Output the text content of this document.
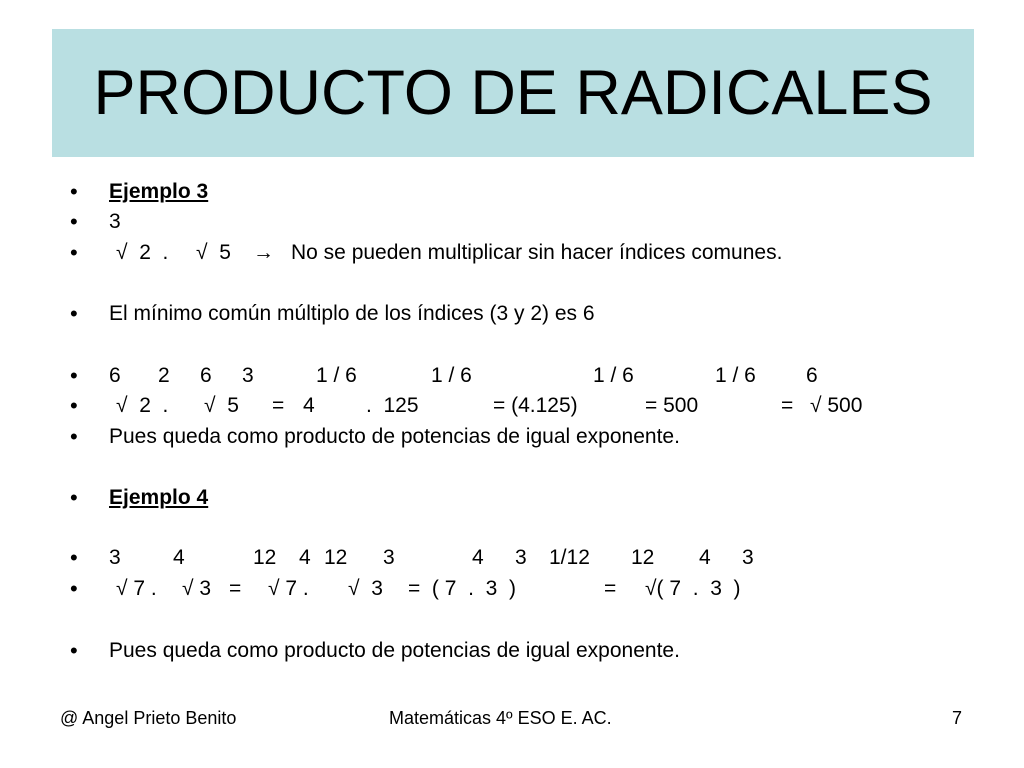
PRODUCTO DE RADICALES
• Ejemplo 3
• 3
• √  2  . √  5 → No se pueden multiplicar sin hacer índices comunes.
• El mínimo común múltiplo de los índices (3 y 2) es 6
• 6 2 6 3	1 / 6	1 / 6	1 / 6	1 / 6 6
• √  2  . √  5 = 4 .  125	= (4.125)	= 500	= √ 500
• Pues queda como producto de potencias de igual exponente.
• Ejemplo 4
• 3 4	12 4 12 3	4 3 1/12 12 4 3
• √ 7 . √ 3 = √ 7 . √  3 =  ( 7  .  3  )	= √( 7  .  3  )
• Pues queda como producto de potencias de igual exponente.
@ Angel Prieto Benito	Matemáticas 4º ESO E. AC.	7
